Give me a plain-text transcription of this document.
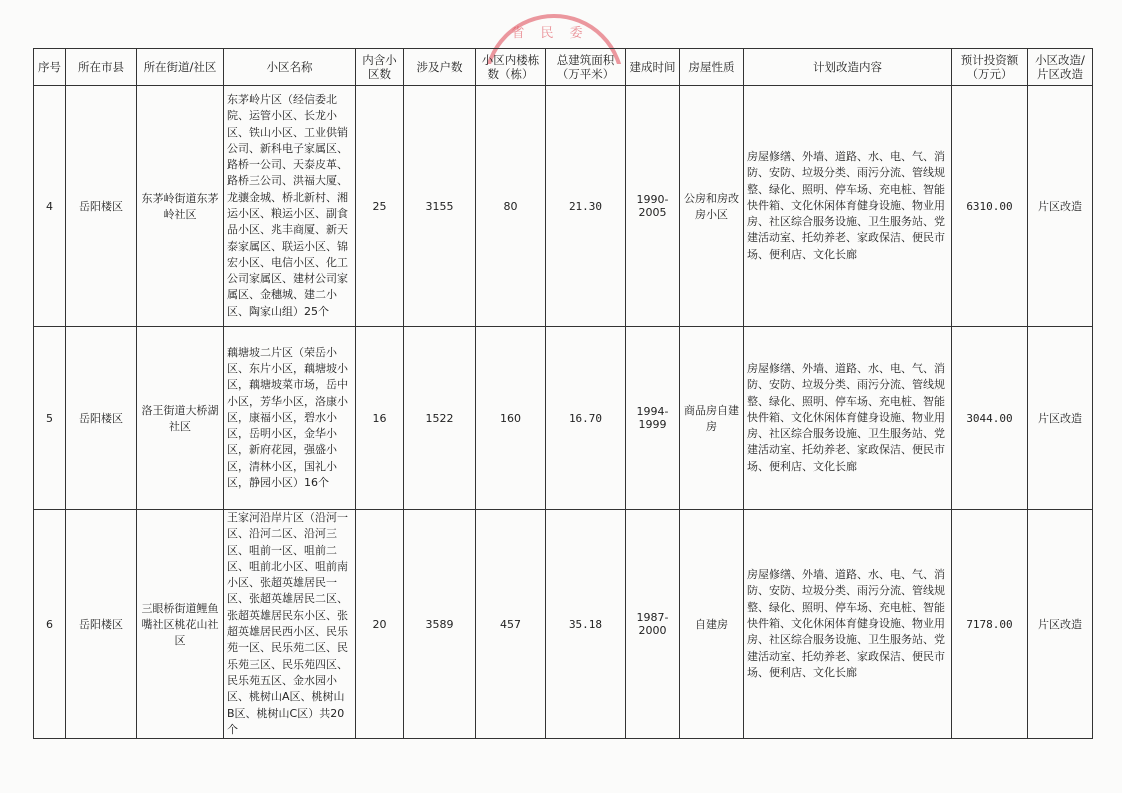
省 民 委
序号	所在市县	所在街道/社区	小区名称	内含小区数	涉及户数	小区内楼栋数（栋）	总建筑面积（万平米）	建成时间	房屋性质	计划改造内容	预计投资额（万元）	小区改造/片区改造
4	岳阳楼区	东茅岭街道东茅岭社区	东茅岭片区（经信委北院、运管小区、长龙小区、铁山小区、工业供销公司、新科电子家属区、路桥一公司、天泰皮革、路桥三公司、洪福大厦、龙骧金城、桥北新村、湘运小区、粮运小区、副食品小区、兆丰商厦、新天泰家属区、联运小区、锦宏小区、电信小区、化工公司家属区、建材公司家属区、金穗城、建二小区、陶家山组）25个	25	3155	80	21.30	1990-2005	公房和房改房小区	房屋修缮、外墙、道路、水、电、气、消防、安防、垃圾分类、雨污分流、管线规整、绿化、照明、停车场、充电桩、智能快件箱、文化休闲体育健身设施、物业用房、社区综合服务设施、卫生服务站、党建活动室、托幼养老、家政保洁、便民市场、便利店、文化长廊	6310.00	片区改造
5	岳阳楼区	洛王街道大桥湖社区	藕塘坡二片区（荣岳小区、东片小区，藕塘坡小区，藕塘坡菜市场，岳中小区，芳华小区，洛康小区，康福小区，碧水小区，岳明小区，金华小区，新府花园，强盛小区，清林小区，国礼小区，静园小区）16个	16	1522	160	16.70	1994-1999	商品房自建房	房屋修缮、外墙、道路、水、电、气、消防、安防、垃圾分类、雨污分流、管线规整、绿化、照明、停车场、充电桩、智能快件箱、文化休闲体育健身设施、物业用房、社区综合服务设施、卫生服务站、党建活动室、托幼养老、家政保洁、便民市场、便利店、文化长廊	3044.00	片区改造
6	岳阳楼区	三眼桥街道鲤鱼嘴社区桃花山社区	王家河沿岸片区（沿河一区、沿河二区、沿河三区、咀前一区、咀前二区、咀前北小区、咀前南小区、张超英雄居民一区、张超英雄居民二区、张超英雄居民东小区、张超英雄居民西小区、民乐苑一区、民乐苑二区、民乐苑三区、民乐苑四区、民乐苑五区、金水园小区、桃树山A区、桃树山B区、桃树山C区）共20个	20	3589	457	35.18	1987-2000	自建房	房屋修缮、外墙、道路、水、电、气、消防、安防、垃圾分类、雨污分流、管线规整、绿化、照明、停车场、充电桩、智能快件箱、文化休闲体育健身设施、物业用房、社区综合服务设施、卫生服务站、党建活动室、托幼养老、家政保洁、便民市场、便利店、文化长廊	7178.00	片区改造
